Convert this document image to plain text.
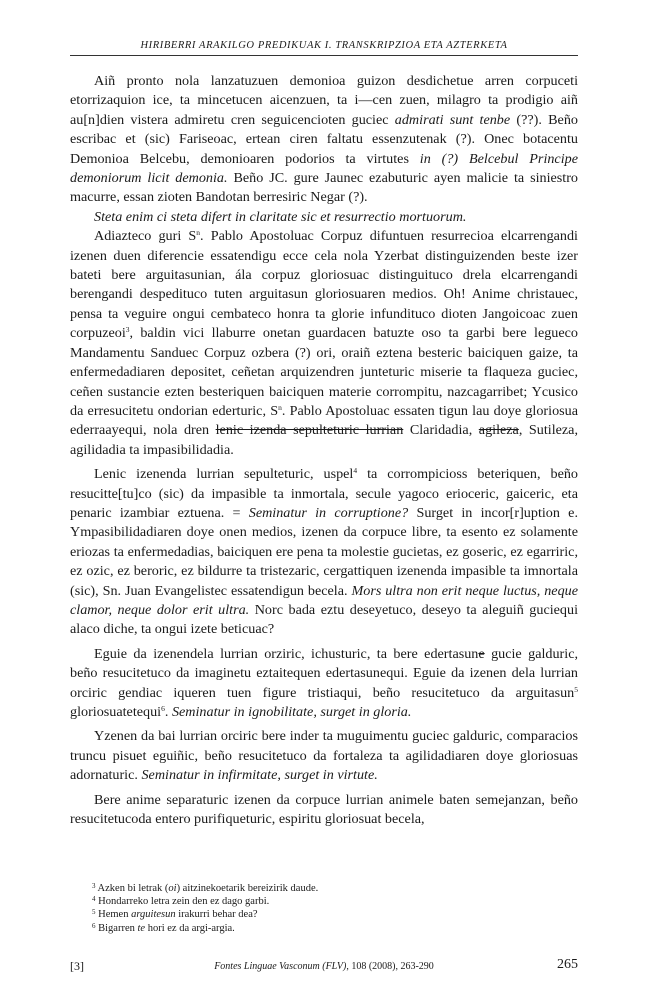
HIRIBERRI ARAKILGO PREDIKUAK I. TRANSKRIPZIOA ETA AZTERKETA

Aiñ pronto nola lanzatuzuen demonioa guizon desdichetue arren corpuceti etorrizaquion ice, ta mincetucen aicenzuen, ta i—cen zuen, milagro ta prodigio aiñ au[n]dien vistera admiretu cren seguicencioten guciec admirati sunt tenbe (??). Beño escribac et (sic) Fariseoac, ertean ciren faltatu essenzutenak (?). Onec botacentu Demonioa Belcebu, demonioaren podorios ta virtutes in (?) Belcebul Principe demoniorum licit demonia. Beño JC. gure Jaunec ezabuturic ayen malicie ta siniestro macurre, essan zioten Bandotan berresiric Negar (?).

Steta enim ci steta difert in claritate sic et resurrectio mortuorum.

Adiazteco guri $S^n$. Pablo Apostoluac Corpuz difuntuen resurrecioa elcarrengandi izenen duen diferencie essatendigu ecce cela nola Yzerbat distinguizenden beste izer bateti bere arguitasunian, ála corpuz gloriosuac distinguituco drela elcarrengandi berengandi despedituco tuten arguitasun gloriosuaren medios. Oh! Anime christauec, pensa ta veguire ongui cembateco honra ta glorie infundituco dioten Jangoicoac zuen corpuzeoi$^3$, baldin vici llaburre onetan guardacen batuzte oso ta garbi bere legueco Mandamentu Sanduec Corpuz ozbera (?) ori, oraiñ eztena besteric baiciquen gaize, ta enfermedadiaren depositet, ceñetan arquizendren junteturic miserie ta flaqueza guciec, ceñen sustancie ezten besteriquen baiciquen materie corrompitu, nazcagarribet; Ycusico da erresucitetu ondorian ederturic, $S^n$. Pablo Apostoluac essaten tigun lau doye gloriosua ederraayequi, nola dren lenic izenda sepulteturic lurrian Claridadia, agileza, Sutileza, agilidadia ta impasibilidadia.

Lenic izenenda lurrian sepulteturic, uspel$^4$ ta corrompicioss beteriquen, beño resucitte[tu]co (sic) da impasible ta inmortala, secule yagoco erioceric, gaiceric, eta penaric izambiar eztuena. = Seminatur in corruptione? Surget in incor[r]uption e. Ympasibilidadiaren doye onen medios, izenen da corpuce libre, ta esento ez solamente eriozas ta enfermedadias, baiciquen ere pena ta molestie gucietas, ez goseric, ez egarriric, ez ozic, ez beroric, ez bildurre ta tristezaric, cergattiquen izenenda impasible ta imnortala (sic), Sn. Juan Evangelistec essatendigun becela. Mors ultra non erit neque luctus, neque clamor, neque dolor erit ultra. Norc bada eztu deseyetuco, deseyo ta aleguiñ guciequi alaco diche, ta ongui izete beticuac?

Eguie da izenendela lurrian orziric, ichusturic, ta bere edertasune gucie galduric, beño resucitetuco da imaginetu eztaitequen edertasunequi. Eguie da izenen dela lurrian orciric gendiac iqueren tuen figure tristiaqui, beño resucitetuco da arguitasun$^5$ gloriosuatetequi$^6$. Seminatur in ignobilitate, surget in gloria.

Yzenen da bai lurrian orciric bere inder ta muguimentu guciec galduric, comparacios truncu pisuet eguiñic, beño resucitetuco da fortaleza ta agilidadiaren doye gloriosuas adornaturic. Seminatur in infirmitate, surget in virtute.

Bere anime separaturic izenen da corpuce lurrian animele baten semejanzan, beño resucitetucoda entero purifiqueturic, espiritu gloriosuat becela,

$^3$ Azken bi letrak (oi) aitzinekoetarik bereizirik daude.
$^4$ Hondarreko letra zein den ez dago garbi.
$^5$ Hemen arguitesun irakurri behar dea?
$^6$ Bigarren te hori ez da argi-argia.
[3]	Fontes Linguae Vasconum (FLV), 108 (2008), 263-290	265
